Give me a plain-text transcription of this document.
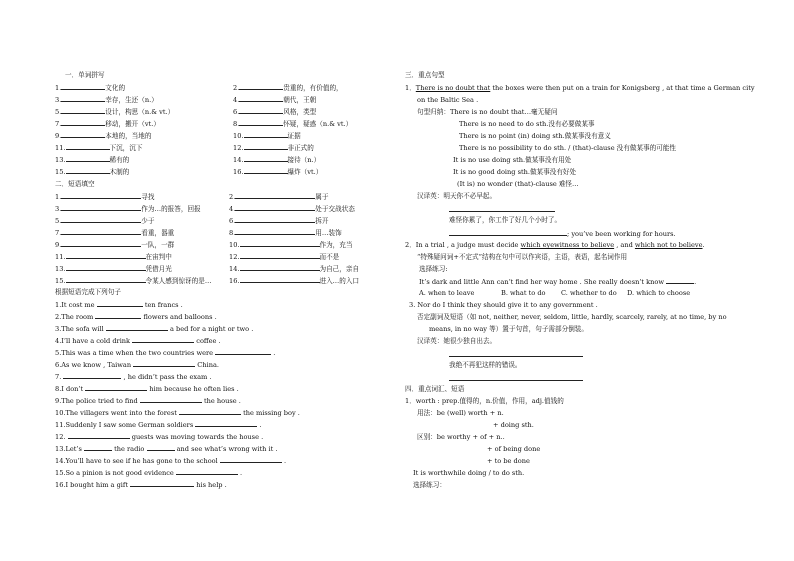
一．单词拼写
1.	文化的	2.	贵重的，有价值的，
3.	幸存，生还（n.）	4.	朝代，王朝
5.	设计，构思（n.& vt.）	6.	风格，类型
7.	移动，搬开（vt.）	8.	怀疑，疑惑（n.& vt.）
9.	本地的，当地的	10.	证据
11.	下沉，沉下	12.	非正式的
13.	稀有的	14.	接待（n.）
15.	木制的	16.	爆炸（vt.）
二．短语填空
1.	寻找	2.	属于
3.	作为…的报答，回报	4.	处于交战状态
5.	少于	6.	拆开
7.	看重，器重	8.	用…装饰
9.	一队，一群	10.	作为，充当
11.	在宙判中	12.	而不是
13.	凭借月光	14.	为自己，亲自
15.	令某人感到惊讶的是…	16.	进入…的入口
根据短语完成下列句子
1.It cost me	ten francs .
2.The room	flowers and balloons .
3.The sofa will	a bed for a night or two .
4.I’ll have a cold drink	coffee .
5.This was a time when the two countries were	.
6.As we know , Taiwan	China.
7.	, he didn’t pass the exam .
8.I don’t	him because he often lies .
9.The police tried to find	the house .
10.The villagers went into the forest	the missing boy .
11.Suddenly I saw some German soldiers	.
12.	guests was moving towards the house .
13.Let’s	the radio	and see what’s wrong with it .
14.You’ll have to see if he has gone to the school	.
15.So a pinion is not good evidence	.
16.I bought him a gift	his help .
三．重点句型
1．There is no doubt that the boxes were then put on a train for Konigsberg , at that time a German city
on the Baltic Sea .
句型归纳：There is no doubt that…毫无疑问
There is no need to do sth.没有必要做某事
There is no point (in) doing sth.做某事没有意义
There is no possibility to do sth. / (that)-clause 没有做某事的可能性
It is no use doing sth.做某事没有用处
It is no good doing sth.做某事没有好处
(It is) no wonder (that)-clause 难怪…
汉译英：明天你不必早起。
难怪你累了，你工作了好几个小时了。
; you’ve been working for hours.
2．In a trial , a judge must decide which eyewitness to believe , and which not to believe.
“特殊疑问词+不定式”结构在句中可以作宾语，主语，表语，起名词作用
选择练习:
It’s dark and little Ann can’t find her way home . She really doesn’t know	.
A. when to leave	B. what to do C. whether to do D. which to choose
3. Nor do I think they should give it to any government .
否定副词及短语（如 not, neither, never, seldom, little, hardly, scarcely, rarely, at no time, by no
means, in no way 等）置于句首，句子需部分倒装。
汉译英：她很少独自出去。
我绝不再犯这样的错误。
四．重点词汇、短语
1．worth : prep.值得的，n.价值，作用，adj.值钱的
用法：be (well) worth + n.
+ doing sth.
区别：be worthy + of + n..
+ of being done
+ to be done
It is worthwhile doing / to do sth.
选择练习：
